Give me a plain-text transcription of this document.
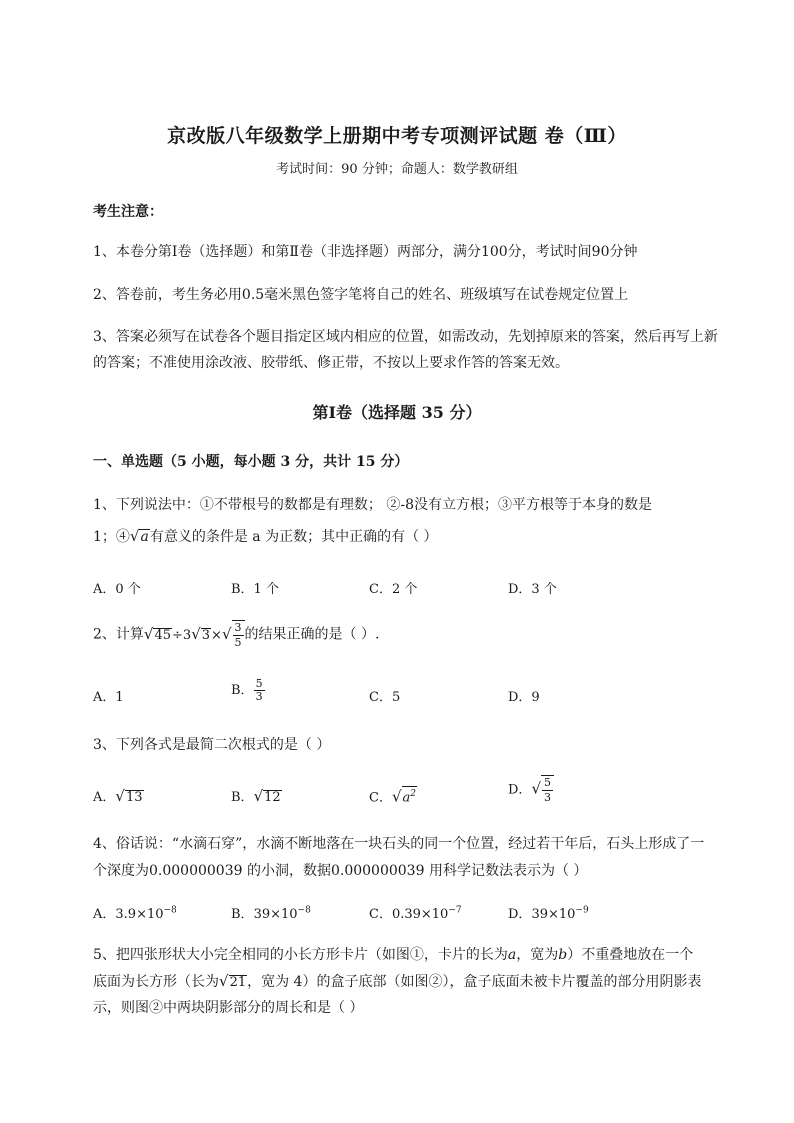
京改版八年级数学上册期中考专项测评试题 卷（Ⅲ）
考试时间：90 分钟；命题人：数学教研组
考生注意：
1、本卷分第Ⅰ卷（选择题）和第Ⅱ卷（非选择题）两部分，满分100分，考试时间90分钟
2、答卷前，考生务必用0.5毫米黑色签字笔将自己的姓名、班级填写在试卷规定位置上
3、答案必须写在试卷各个题目指定区域内相应的位置，如需改动，先划掉原来的答案，然后再写上新
的答案；不准使用涂改液、胶带纸、修正带，不按以上要求作答的答案无效。
第Ⅰ卷（选择题 35 分）
一、单选题（5 小题，每小题 3 分，共计 15 分）
1、下列说法中：①不带根号的数都是有理数； ②-8没有立方根；③平方根等于本身的数是
1；④√a有意义的条件是 a 为正数；其中正确的有（ ）
A．0 个	B．1 个	C．2 个	D．3 个
2、计算$√45\div 3√3\times√ \frac{3}{5}$ 的结果正确的是（ ）.
A．1	B． $\frac{5}{3}$	C．5	D．9
3、下列各式是最简二次根式的是（ ）
A．√13	B．√12	C．$√a^2$	D．√ $\frac{5}{3}$
4、俗话说：“水滴石穿”，水滴不断地落在一块石头的同一个位置，经过若干年后，石头上形成了一
个深度为0.000000039 的小洞，数据0.000000039 用科学记数法表示为（ ）
A．$3.9\times 10^{-8}$	B．$39\times 10^{-8}$	C．$0.39\times 10^{-7}$	D．$39\times 10^{-9}$
5、把四张形状大小完全相同的小长方形卡片（如图①，卡片的长为a，宽为b）不重叠地放在一个
底面为长方形（长为√21，宽为 4）的盒子底部（如图②），盒子底面未被卡片覆盖的部分用阴影表
示，则图②中两块阴影部分的周长和是（ ）
